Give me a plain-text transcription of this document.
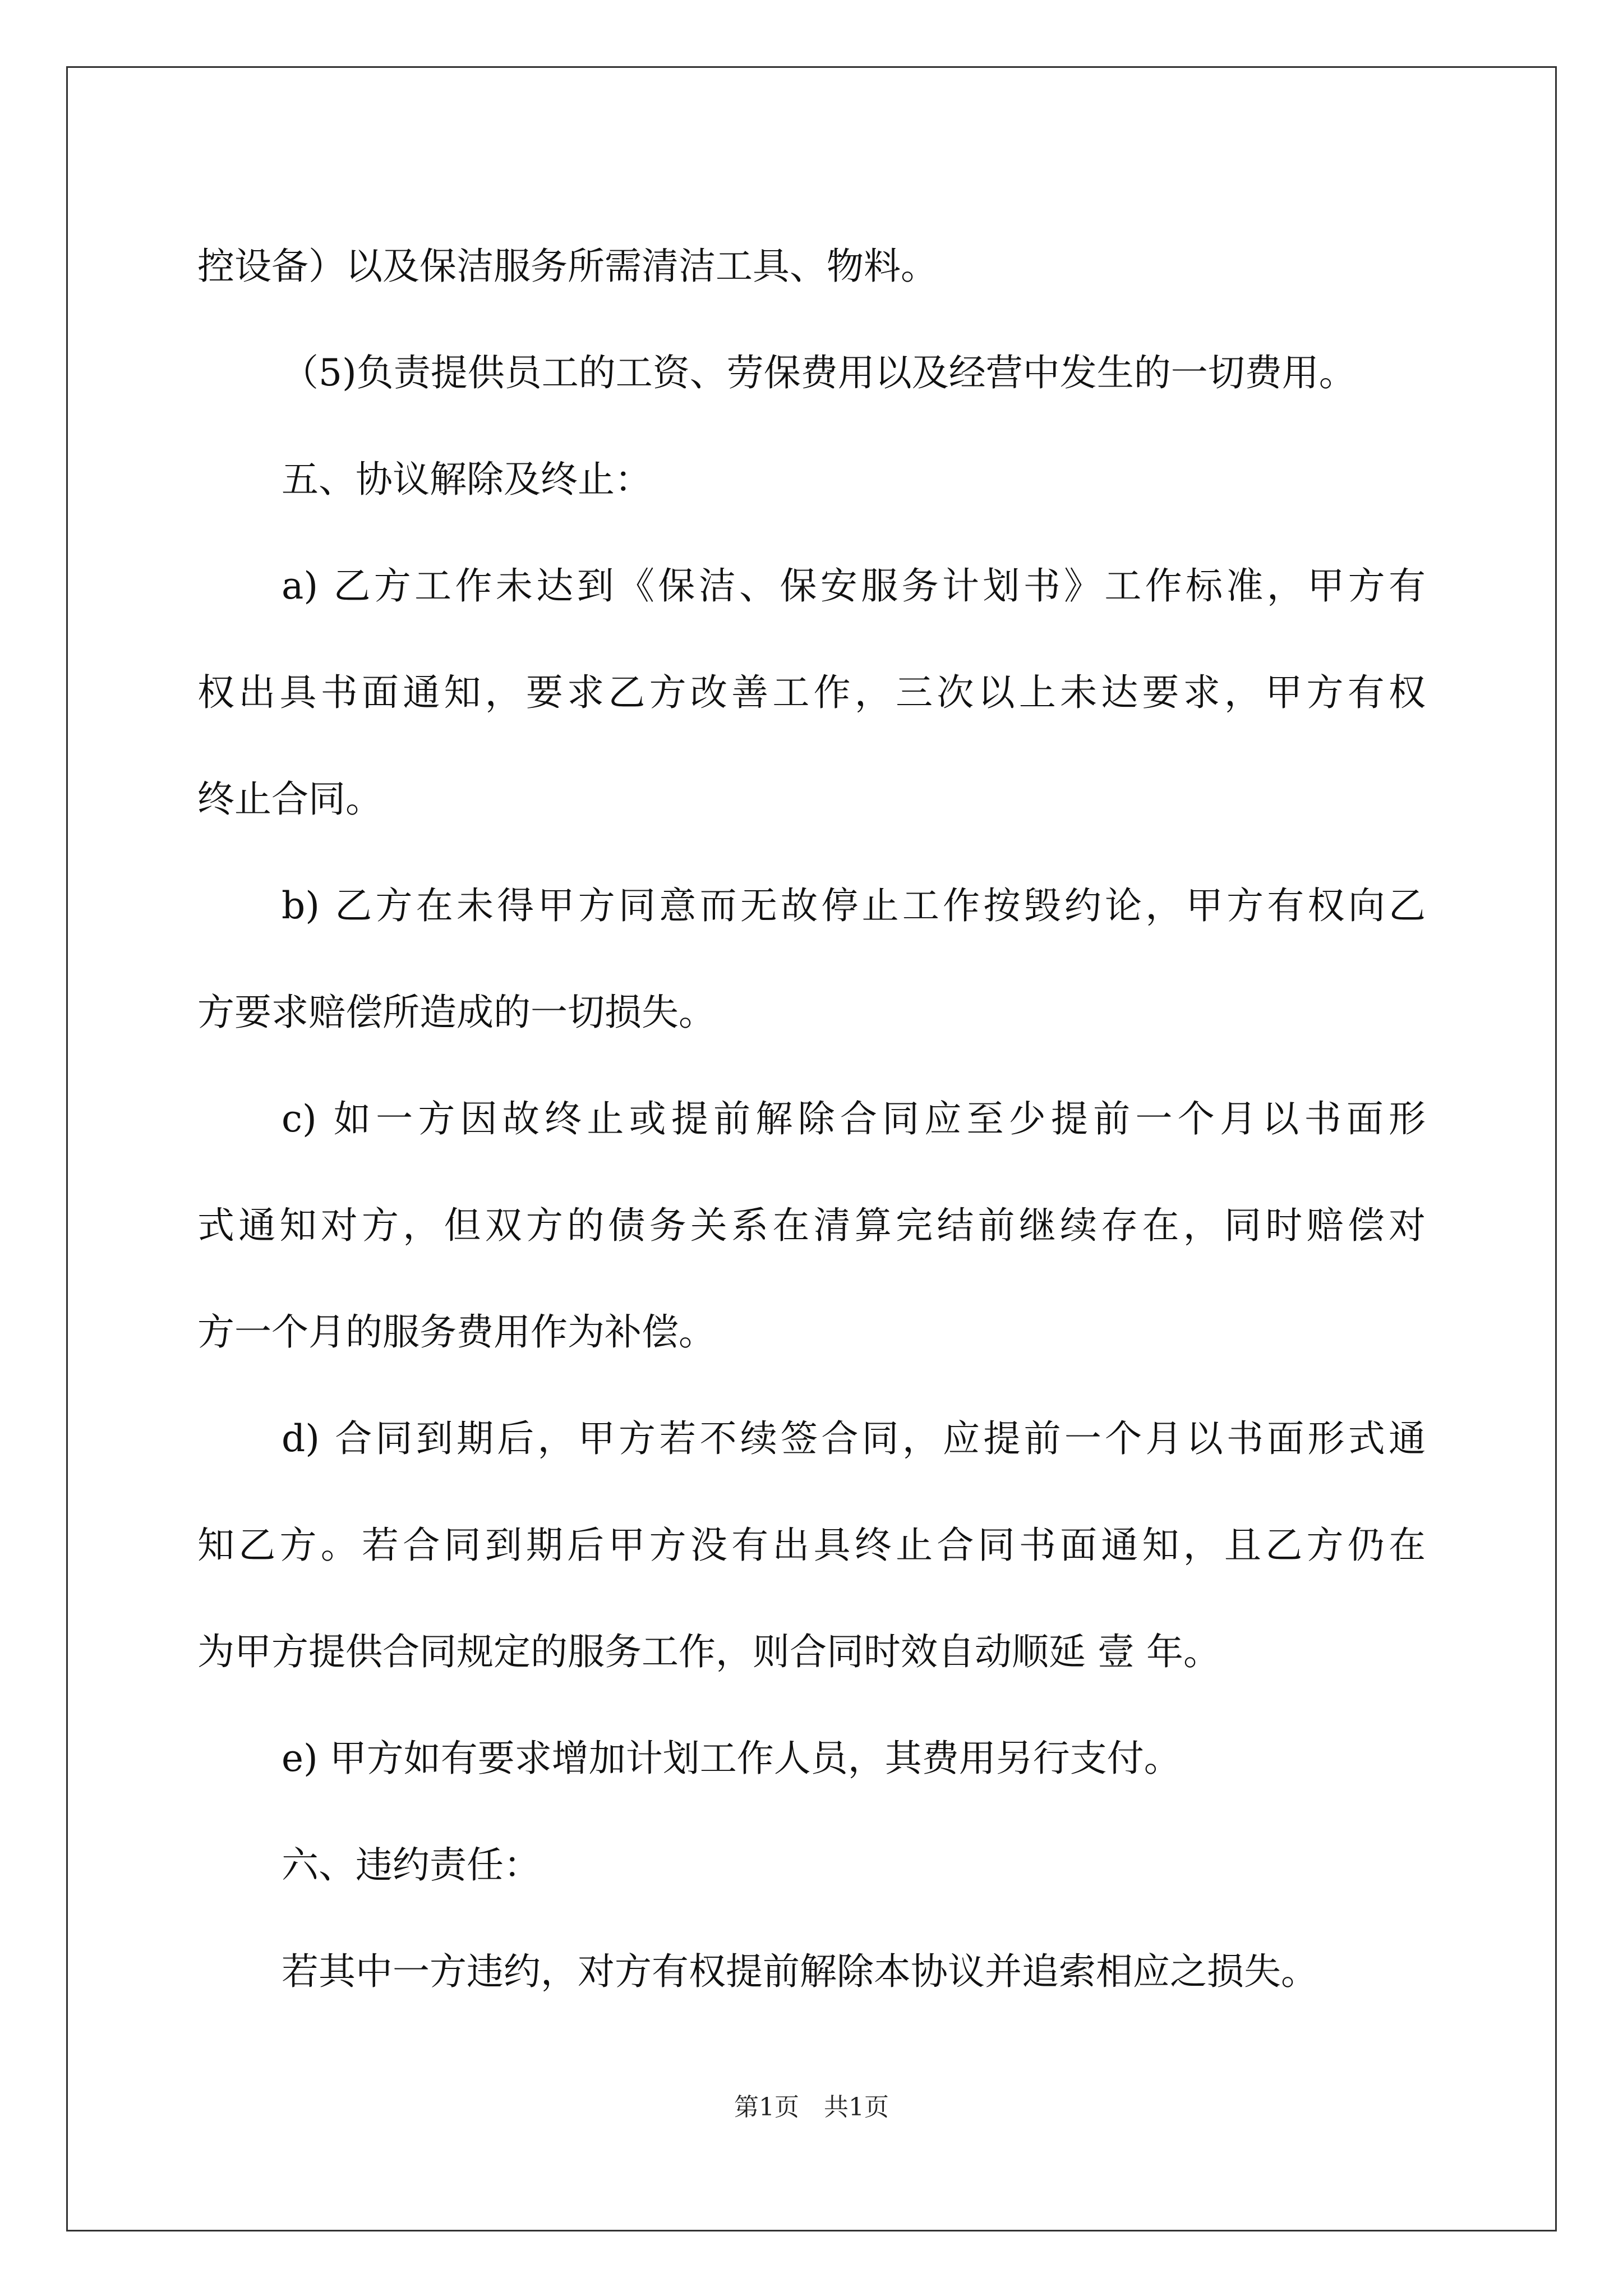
控设备）以及保洁服务所需清洁工具、物料。
（5)负责提供员工的工资、劳保费用以及经营中发生的一切费用。
五、协议解除及终止：
a) 乙方工作未达到《保洁、保安服务计划书》工作标准，甲方有
权出具书面通知，要求乙方改善工作，三次以上未达要求，甲方有权
终止合同。
b) 乙方在未得甲方同意而无故停止工作按毁约论，甲方有权向乙
方要求赔偿所造成的一切损失。
c) 如一方因故终止或提前解除合同应至少提前一个月以书面形
式通知对方，但双方的债务关系在清算完结前继续存在，同时赔偿对
方一个月的服务费用作为补偿。
d) 合同到期后，甲方若不续签合同，应提前一个月以书面形式通
知乙方。若合同到期后甲方没有出具终止合同书面通知，且乙方仍在
为甲方提供合同规定的服务工作，则合同时效自动顺延 壹 年。
e) 甲方如有要求增加计划工作人员，其费用另行支付。
六、违约责任：
若其中一方违约，对方有权提前解除本协议并追索相应之损失。
第1页　共1页
